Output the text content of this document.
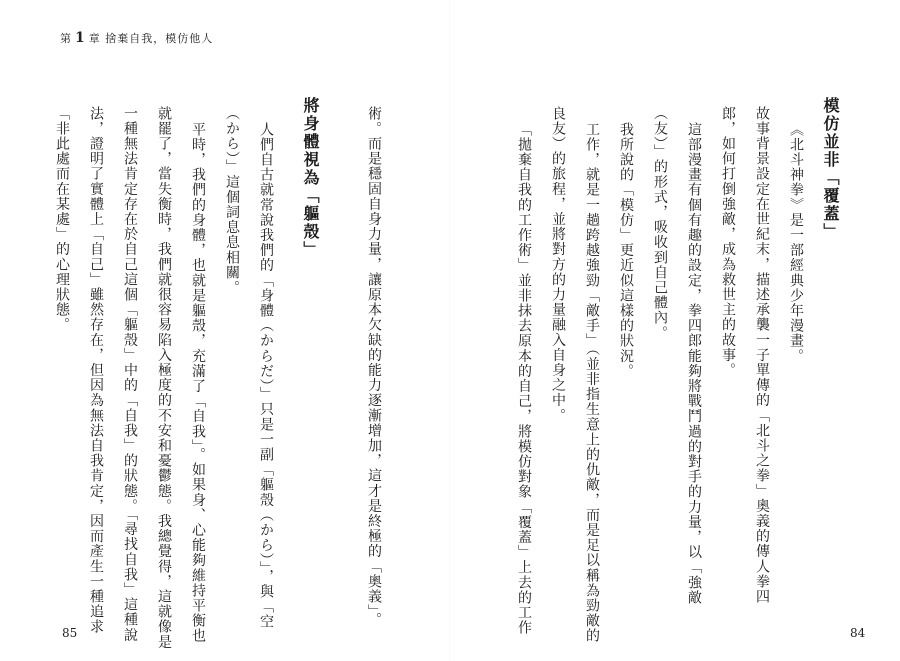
第 1 章 捨棄自我，模仿他人
模仿並非「覆蓋」
《北斗神拳》是一部經典少年漫畫。
故事背景設定在世紀末，描述承襲一子單傳的「北斗之拳」奧義的傳人拳四
郎，如何打倒強敵，成為救世主的故事。
這部漫畫有個有趣的設定，拳四郎能夠將戰鬥過的對手的力量，以「強敵
（友）」的形式，吸收到自己體內。
我所說的「模仿」更近似這樣的狀況。
工作，就是一趟跨越強勁「敵手」（並非指生意上的仇敵，而是足以稱為勁敵的
良友）的旅程，並將對方的力量融入自身之中。
「拋棄自我的工作術」並非抹去原本的自己，將模仿對象「覆蓋」上去的工作
術。而是穩固自身力量，讓原本欠缺的能力逐漸增加，這才是終極的「奧義」。
將身體視為「軀殼」
人們自古就常說我們的「身體（からだ）」只是一副「軀殼（から）」，與「空
（から）」這個詞息息相關。
平時，我們的身體，也就是軀殼，充滿了「自我」。如果身、心能夠維持平衡也
就罷了，當失衡時，我們就很容易陷入極度的不安和憂鬱態。我總覺得，這就像是
一種無法肯定存在於自己這個「軀殼」中的「自我」的狀態。「尋找自我」這種說
法，證明了實體上「自己」雖然存在，但因為無法自我肯定，因而產生一種追求
「非此處而在某處」的心理狀態。
85	84
